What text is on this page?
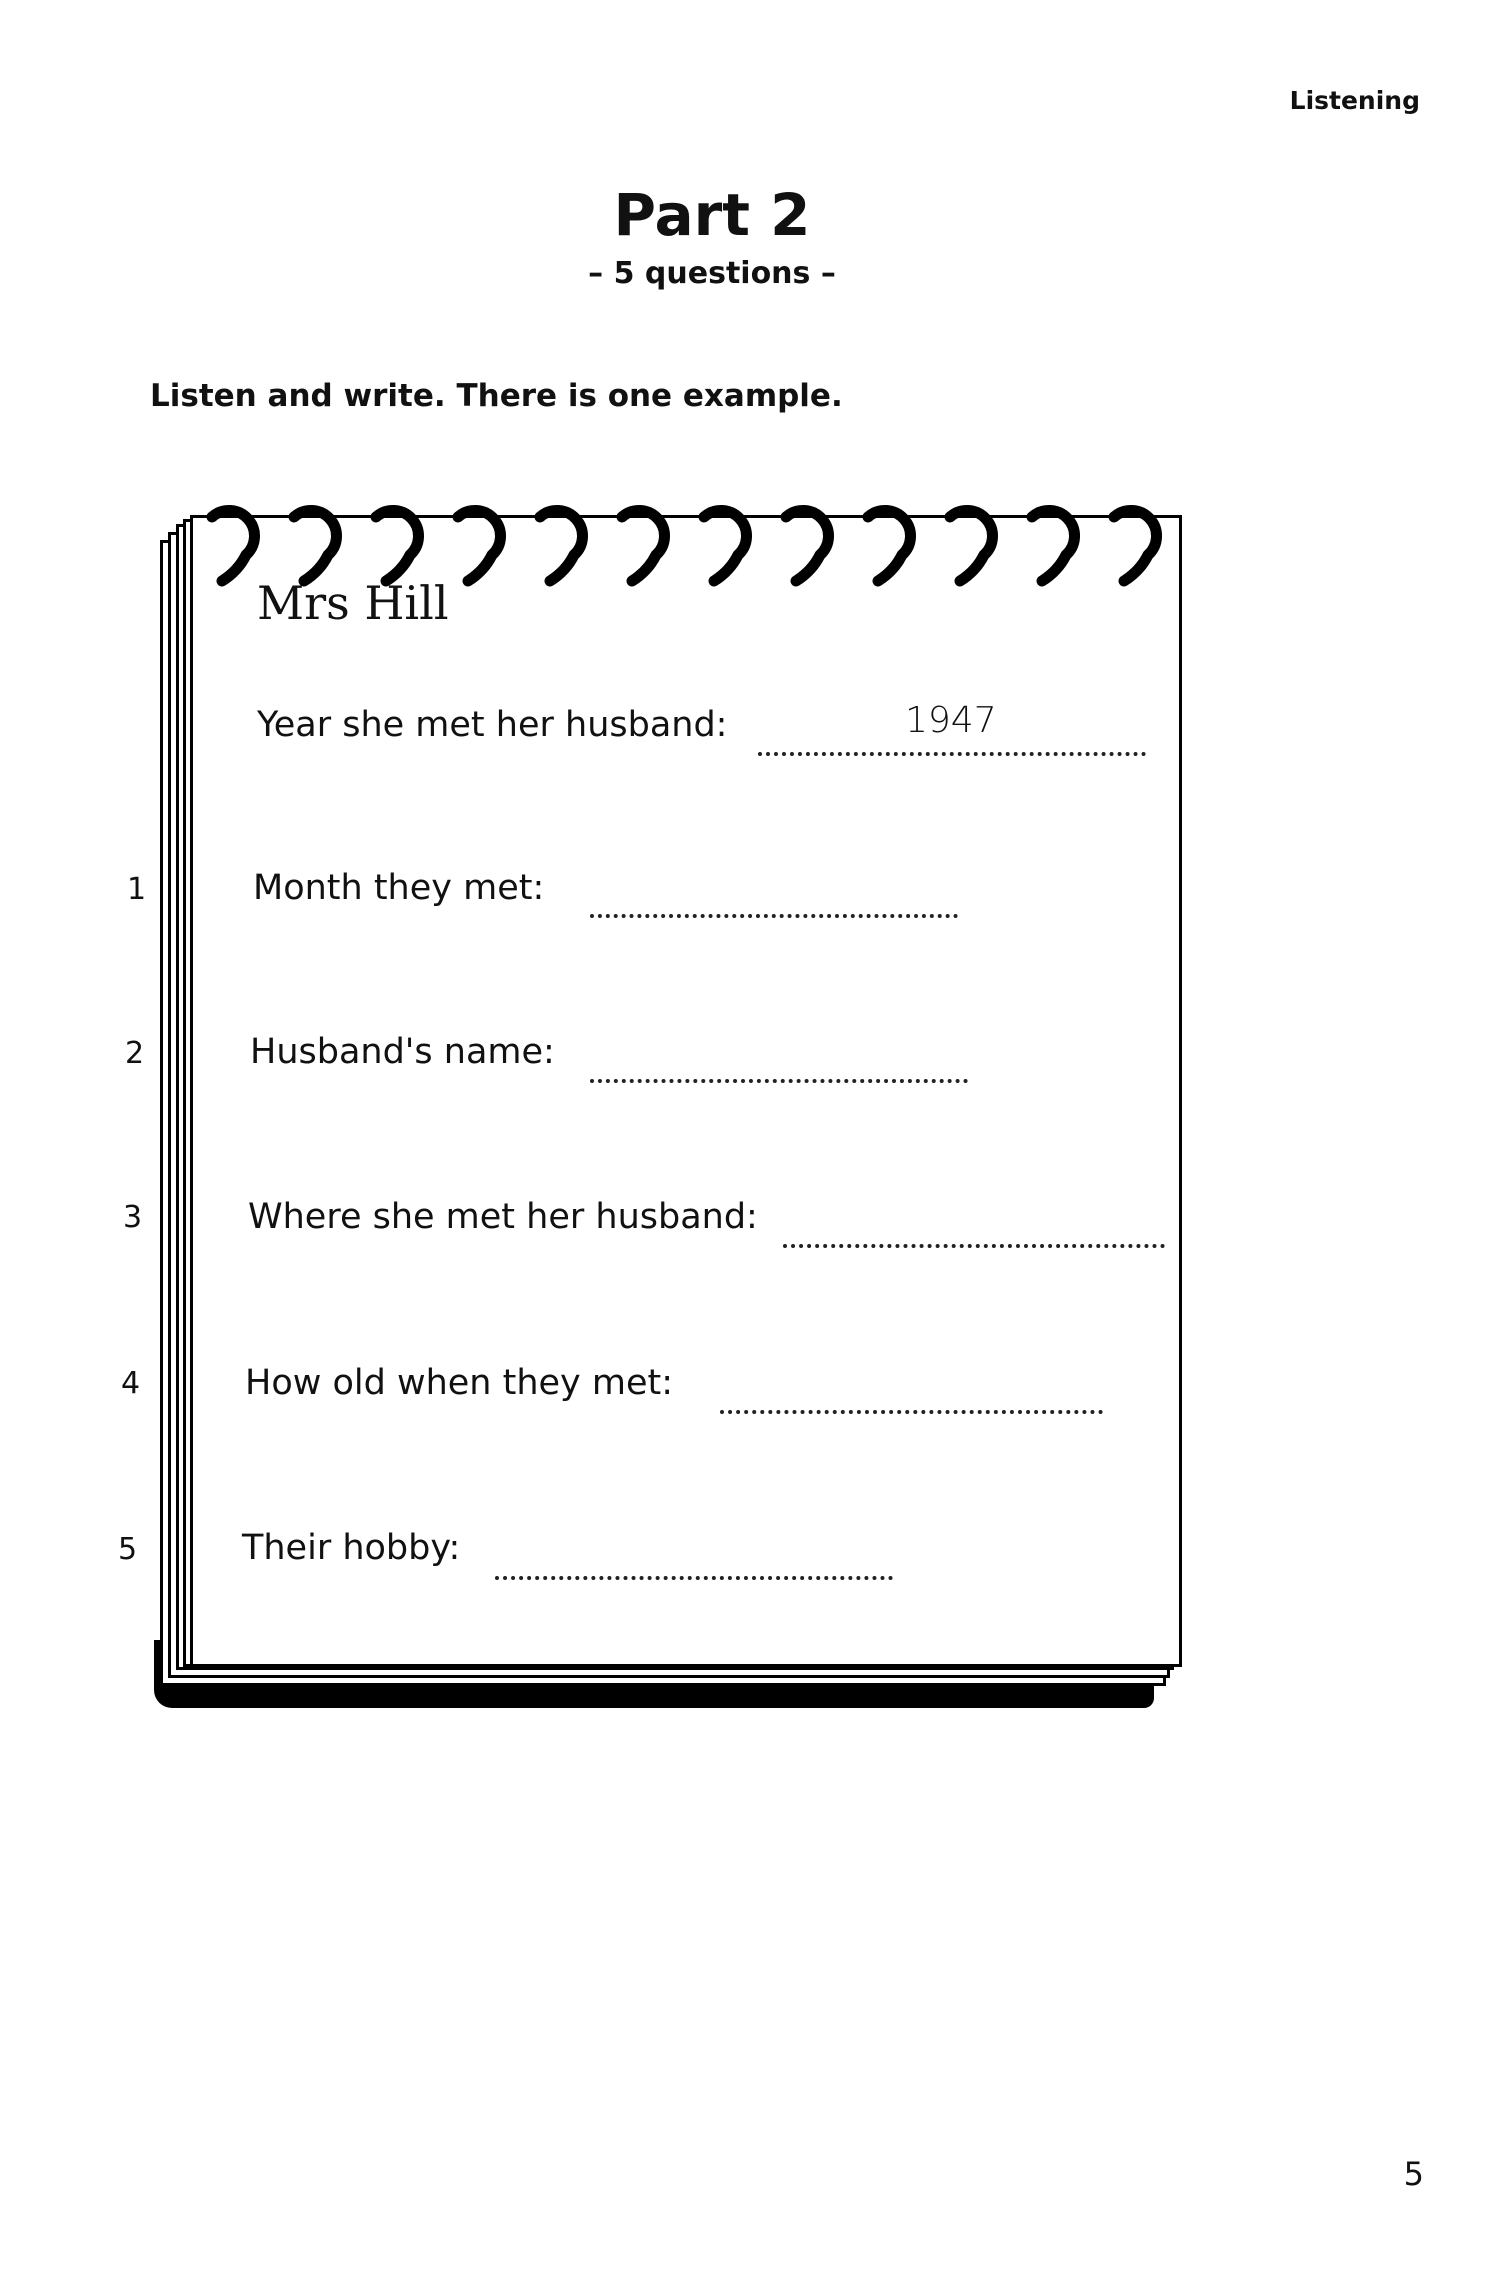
Listening
Part 2
– 5 questions –
Listen and write. There is one example.
Mrs Hill
Year she met her husband:	1947
1	Month they met:
2	Husband's name:
3	Where she met her husband:
4	How old when they met:
5	Their hobby:
5
